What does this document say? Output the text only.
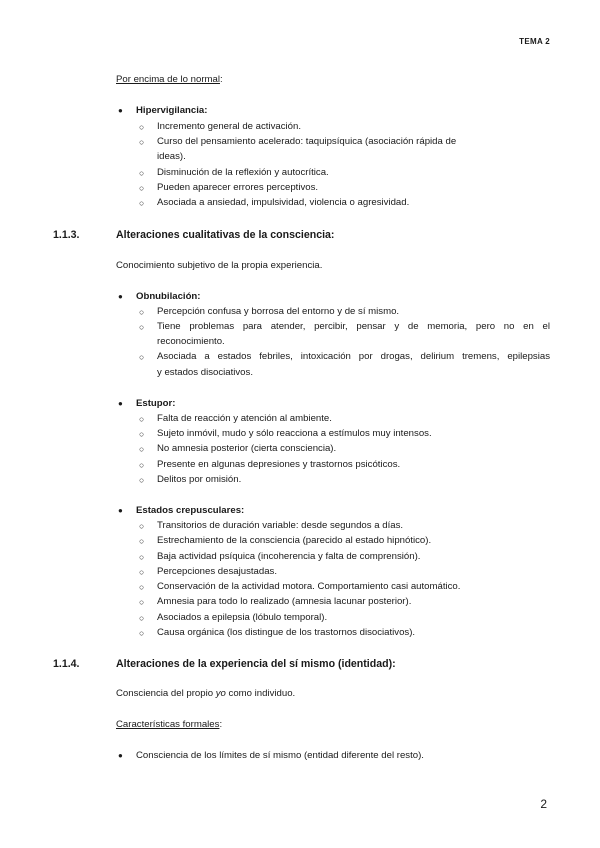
TEMA 2
Por encima de lo normal:
● Hipervigilancia:
○ Incremento general de activación.
○ Curso del pensamiento acelerado: taquipsíquica (asociación rápida de
ideas).
○ Disminución de la reflexión y autocrítica.
○ Pueden aparecer errores perceptivos.
○ Asociada a ansiedad, impulsividad, violencia o agresividad.
1.1.3.	Alteraciones cualitativas de la consciencia:
Conocimiento subjetivo de la propia experiencia.
● Obnubilación:
○ Percepción confusa y borrosa del entorno y de sí mismo.
○ Tiene problemas para atender, percibir, pensar y de memoria, pero no en el
reconocimiento.
○ Asociada a estados febriles, intoxicación por drogas, delirium tremens, epilepsias
y estados disociativos.
● Estupor:
○ Falta de reacción y atención al ambiente.
○ Sujeto inmóvil, mudo y sólo reacciona a estímulos muy intensos.
○ No amnesia posterior (cierta consciencia).
○ Presente en algunas depresiones y trastornos psicóticos.
○ Delitos por omisión.
● Estados crepusculares:
○ Transitorios de duración variable: desde segundos a días.
○ Estrechamiento de la consciencia (parecido al estado hipnótico).
○ Baja actividad psíquica (incoherencia y falta de comprensión).
○ Percepciones desajustadas.
○ Conservación de la actividad motora. Comportamiento casi automático.
○ Amnesia para todo lo realizado (amnesia lacunar posterior).
○ Asociados a epilepsia (lóbulo temporal).
○ Causa orgánica (los distingue de los trastornos disociativos).
1.1.4.	Alteraciones de la experiencia del sí mismo (identidad):
Consciencia del propio yo como individuo.
Características formales:
● Consciencia de los límites de sí mismo (entidad diferente del resto).
2
